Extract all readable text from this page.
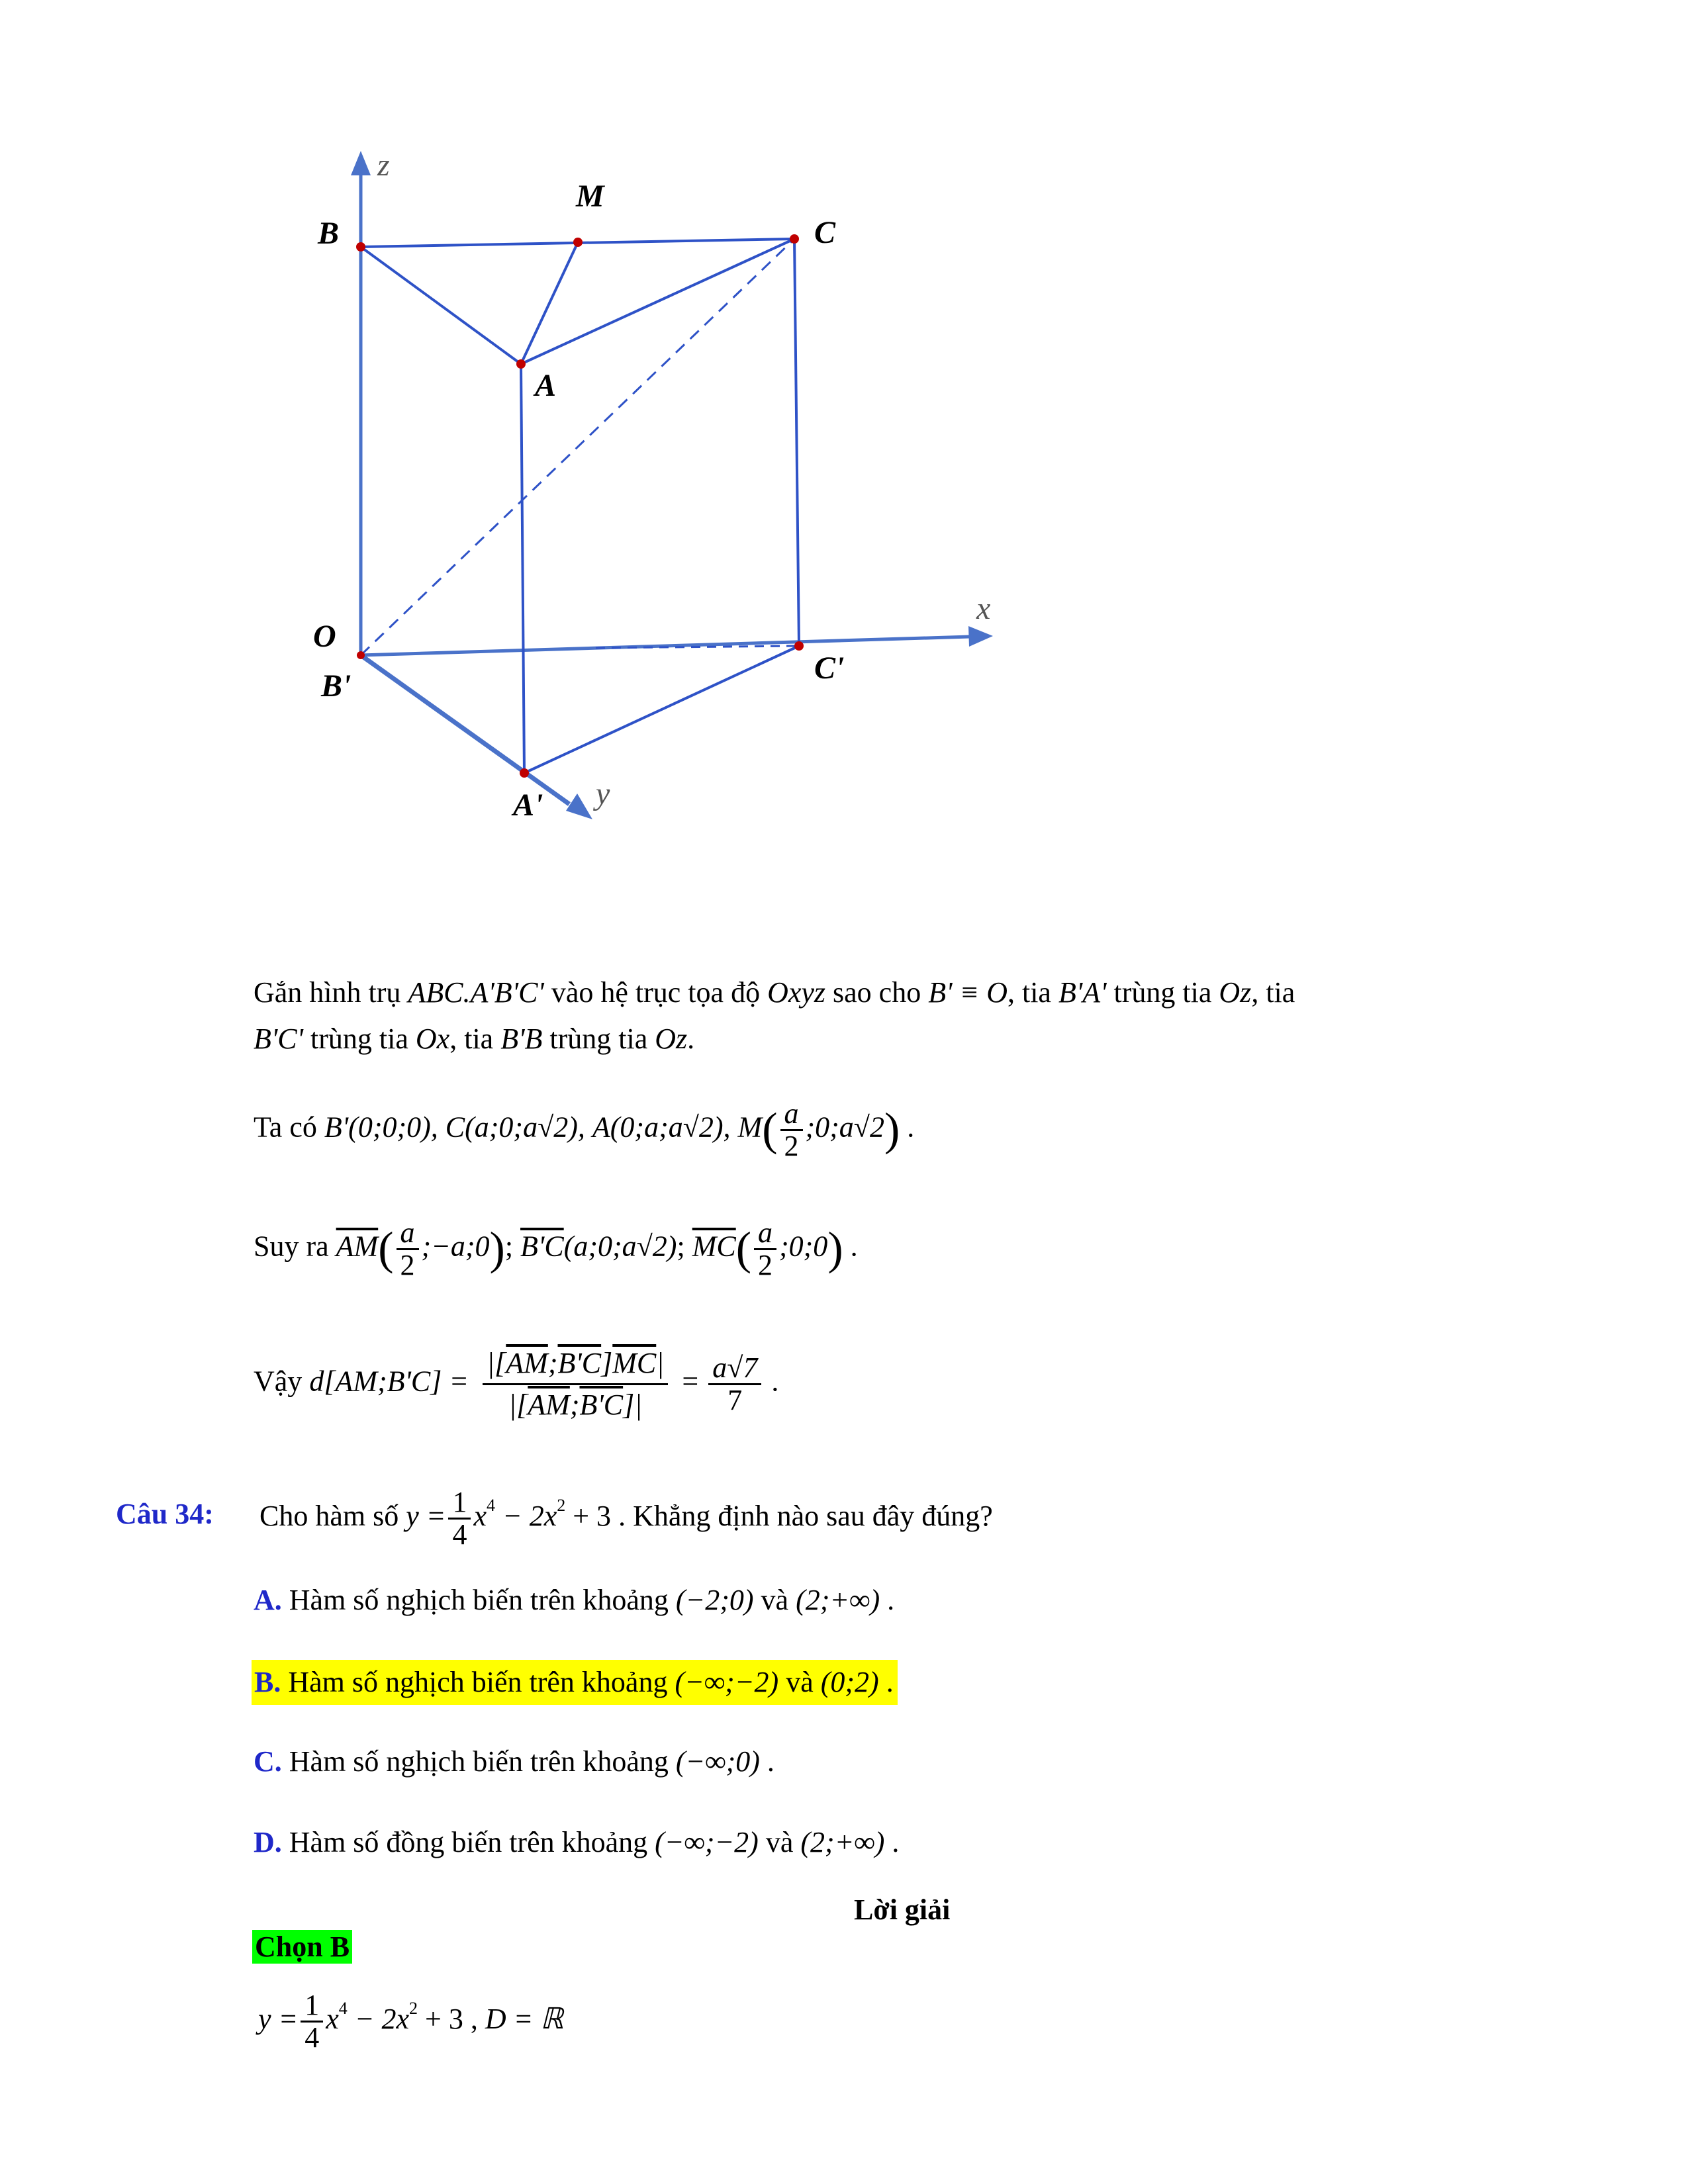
z
x
y
B
M
C
A
O
B'
C'
A'
Gắn hình trụ ABC.A'B'C' vào hệ trục tọa độ Oxyz sao cho B' ≡ O, tia B'A' trùng tia Oz, tia
B'C' trùng tia Ox, tia B'B trùng tia Oz.
Ta có B'(0;0;0), C(a;0;a√2), A(0;a;a√2), $M( \frac{a}{2}$ ;0;a√2) .
Suy ra $\overline{AM}( \frac{a}{2}$ ;−a;0); B'C(a;0;a√2); $\overline{MC}( \frac{a}{2}$ ;0;0) .
Vậy d[AM;B'C] = $\frac{|[\overline{AM};B'C]\overline{MC}|}{|[\overline{AM};B'C]|} = \frac{a√7}{7}$ .
Câu 34: Cho hàm số $y = \frac{1}{4} x^4 - 2x^2 + 3$ . Khẳng định nào sau đây đúng?
A. Hàm số nghịch biến trên khoảng (−2;0) và (2;+∞) .
B. Hàm số nghịch biến trên khoảng (−∞;−2) và (0;2) .
C. Hàm số nghịch biến trên khoảng (−∞;0) .
D. Hàm số đồng biến trên khoảng (−∞;−2) và (2;+∞) .
Lời giải
Chọn B
$y = \frac{1}{4} x^4 - 2x^2 + 3$ , D = ℝ
